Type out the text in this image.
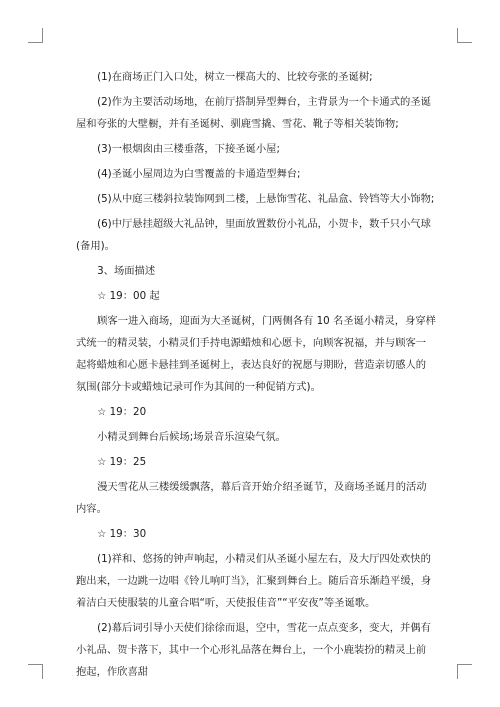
(1)在商场正门入口处，树立一棵高大的、比较夸张的圣诞树;

(2)作为主要活动场地，在前厅搭制异型舞台，主背景为一个卡通式的圣诞屋和夸张的大壁橱，并有圣诞树、驯鹿雪撬、雪花、靴子等相关装饰物;

(3)一根烟囱由三楼垂落，下接圣诞小屋;

(4)圣诞小屋周边为白雪覆盖的卡通造型舞台;

(5)从中庭三楼斜拉装饰网到二楼，上悬饰雪花、礼品盒、铃铛等大小饰物;

(6)中厅悬挂超级大礼品钟，里面放置数份小礼品，小贺卡，数千只小气球(备用)。

3、场面描述

☆ 19：00 起

顾客一进入商场，迎面为大圣诞树，门两侧各有 10 名圣诞小精灵，身穿样式统一的精灵装，小精灵们手持电源蜡烛和心愿卡，向顾客祝福，并与顾客一起将蜡烛和心愿卡悬挂到圣诞树上，表达良好的祝愿与期盼，营造亲切感人的氛围(部分卡或蜡烛记录可作为其间的一种促销方式)。

☆ 19：20

小精灵到舞台后候场;场景音乐渲染气氛。

☆ 19：25

漫天雪花从三楼缓缓飘落，幕后音开始介绍圣诞节，及商场圣诞月的活动内容。

☆ 19：30

(1)祥和、悠扬的钟声响起，小精灵们从圣诞小屋左右，及大厅四处欢快的跑出来，一边跳一边唱《铃儿响叮当》，汇聚到舞台上。随后音乐渐趋平缓，身着洁白天使服装的儿童合唱“听，天使报佳音”“平安夜”等圣诞歌。

(2)幕后词引导小天使们徐徐而退，空中，雪花一点点变多，变大，并偶有小礼品、贺卡落下，其中一个心形礼品落在舞台上，一个小鹿装扮的精灵上前抱起，作欣喜甜
